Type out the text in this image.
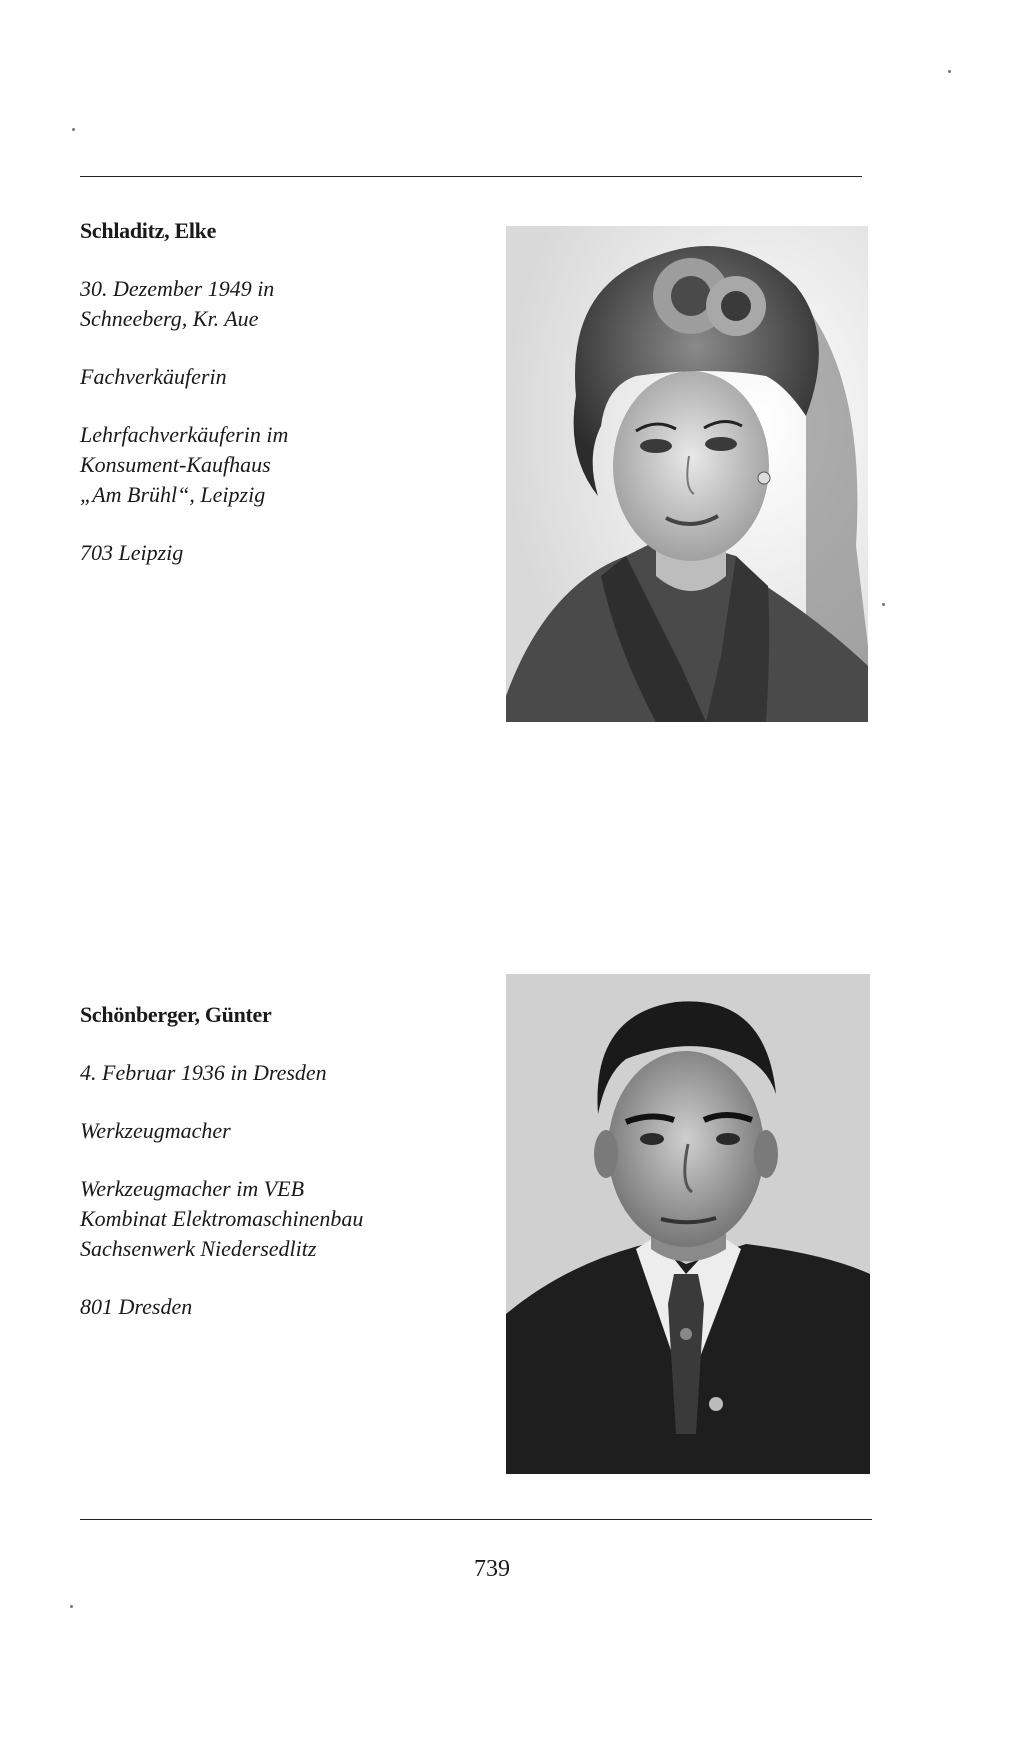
Schladitz, Elke
30. Dezember 1949 in
Schneeberg, Kr. Aue
Fachverkäuferin
Lehrfachverkäuferin im
Konsument-Kaufhaus
„Am Brühl“, Leipzig
703 Leipzig
Schönberger, Günter
4. Februar 1936 in Dresden
Werkzeugmacher
Werkzeugmacher im VEB
Kombinat Elektromaschinenbau
Sachsenwerk Niedersedlitz
801 Dresden
739
